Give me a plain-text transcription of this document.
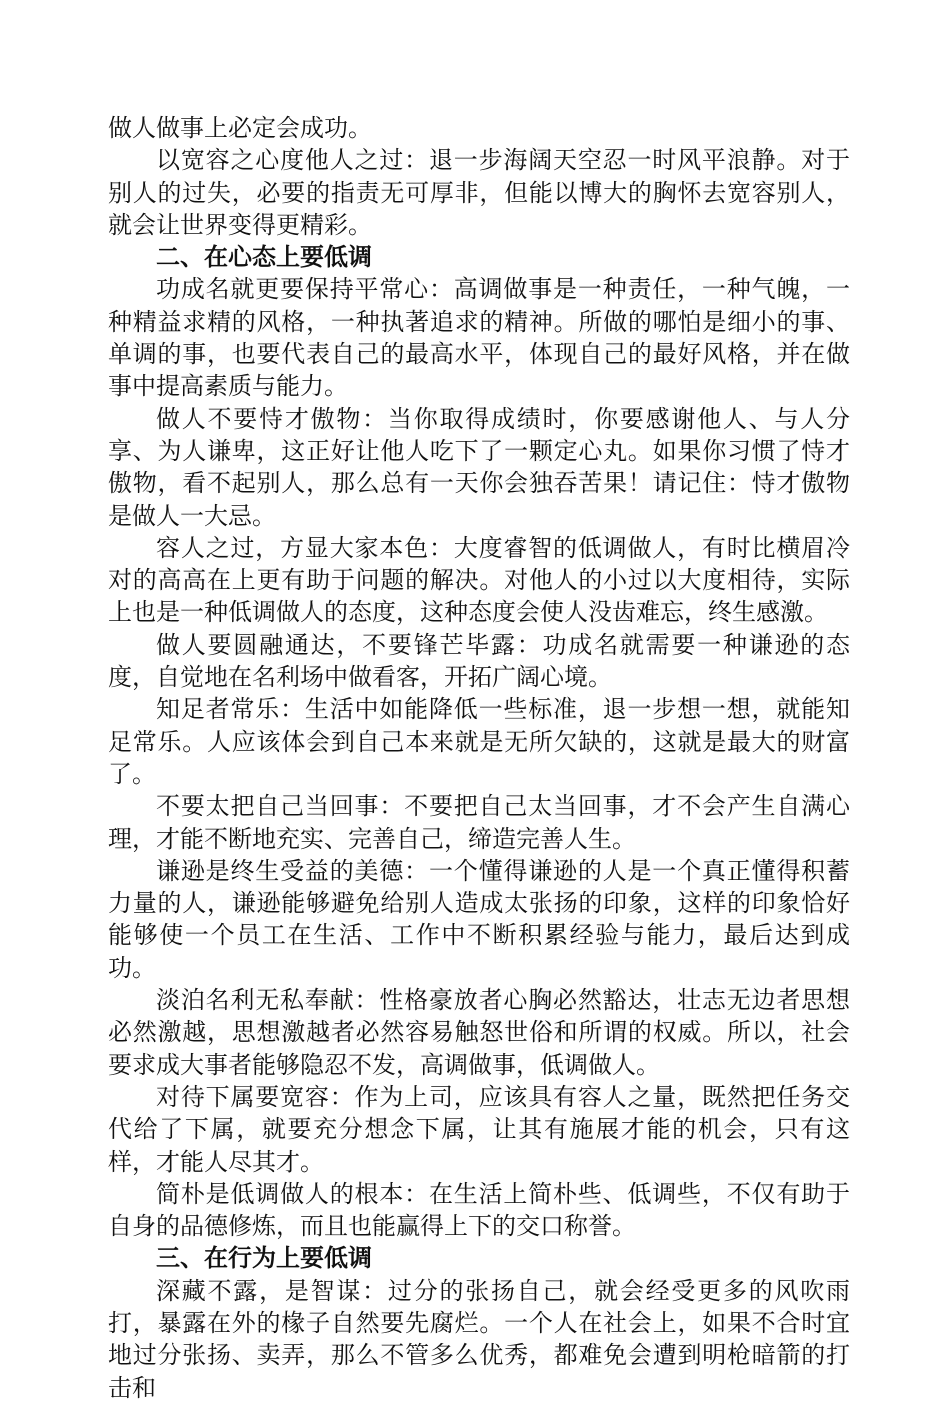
做人做事上必定会成功。

以宽容之心度他人之过：退一步海阔天空忍一时风平浪静。对于别人的过失，必要的指责无可厚非，但能以博大的胸怀去宽容别人，就会让世界变得更精彩。

二、在心态上要低调

功成名就更要保持平常心：高调做事是一种责任，一种气魄，一种精益求精的风格，一种执著追求的精神。所做的哪怕是细小的事、单调的事，也要代表自己的最高水平，体现自己的最好风格，并在做事中提高素质与能力。

做人不要恃才傲物：当你取得成绩时，你要感谢他人、与人分享、为人谦卑，这正好让他人吃下了一颗定心丸。如果你习惯了恃才傲物，看不起别人，那么总有一天你会独吞苦果！请记住：恃才傲物是做人一大忌。

容人之过，方显大家本色：大度睿智的低调做人，有时比横眉冷对的高高在上更有助于问题的解决。对他人的小过以大度相待，实际上也是一种低调做人的态度，这种态度会使人没齿难忘，终生感激。

做人要圆融通达，不要锋芒毕露：功成名就需要一种谦逊的态度，自觉地在名利场中做看客，开拓广阔心境。

知足者常乐：生活中如能降低一些标准，退一步想一想，就能知足常乐。人应该体会到自己本来就是无所欠缺的，这就是最大的财富了。

不要太把自己当回事：不要把自己太当回事，才不会产生自满心理，才能不断地充实、完善自己，缔造完善人生。

谦逊是终生受益的美德：一个懂得谦逊的人是一个真正懂得积蓄力量的人，谦逊能够避免给别人造成太张扬的印象，这样的印象恰好能够使一个员工在生活、工作中不断积累经验与能力，最后达到成功。

淡泊名利无私奉献：性格豪放者心胸必然豁达，壮志无边者思想必然激越，思想激越者必然容易触怒世俗和所谓的权威。所以，社会要求成大事者能够隐忍不发，高调做事，低调做人。

对待下属要宽容：作为上司，应该具有容人之量，既然把任务交代给了下属，就要充分想念下属，让其有施展才能的机会，只有这样，才能人尽其才。

简朴是低调做人的根本：在生活上简朴些、低调些，不仅有助于自身的品德修炼，而且也能赢得上下的交口称誉。

三、在行为上要低调

深藏不露，是智谋：过分的张扬自己，就会经受更多的风吹雨打，暴露在外的椽子自然要先腐烂。一个人在社会上，如果不合时宜地过分张扬、卖弄，那么不管多么优秀，都难免会遭到明枪暗箭的打击和
